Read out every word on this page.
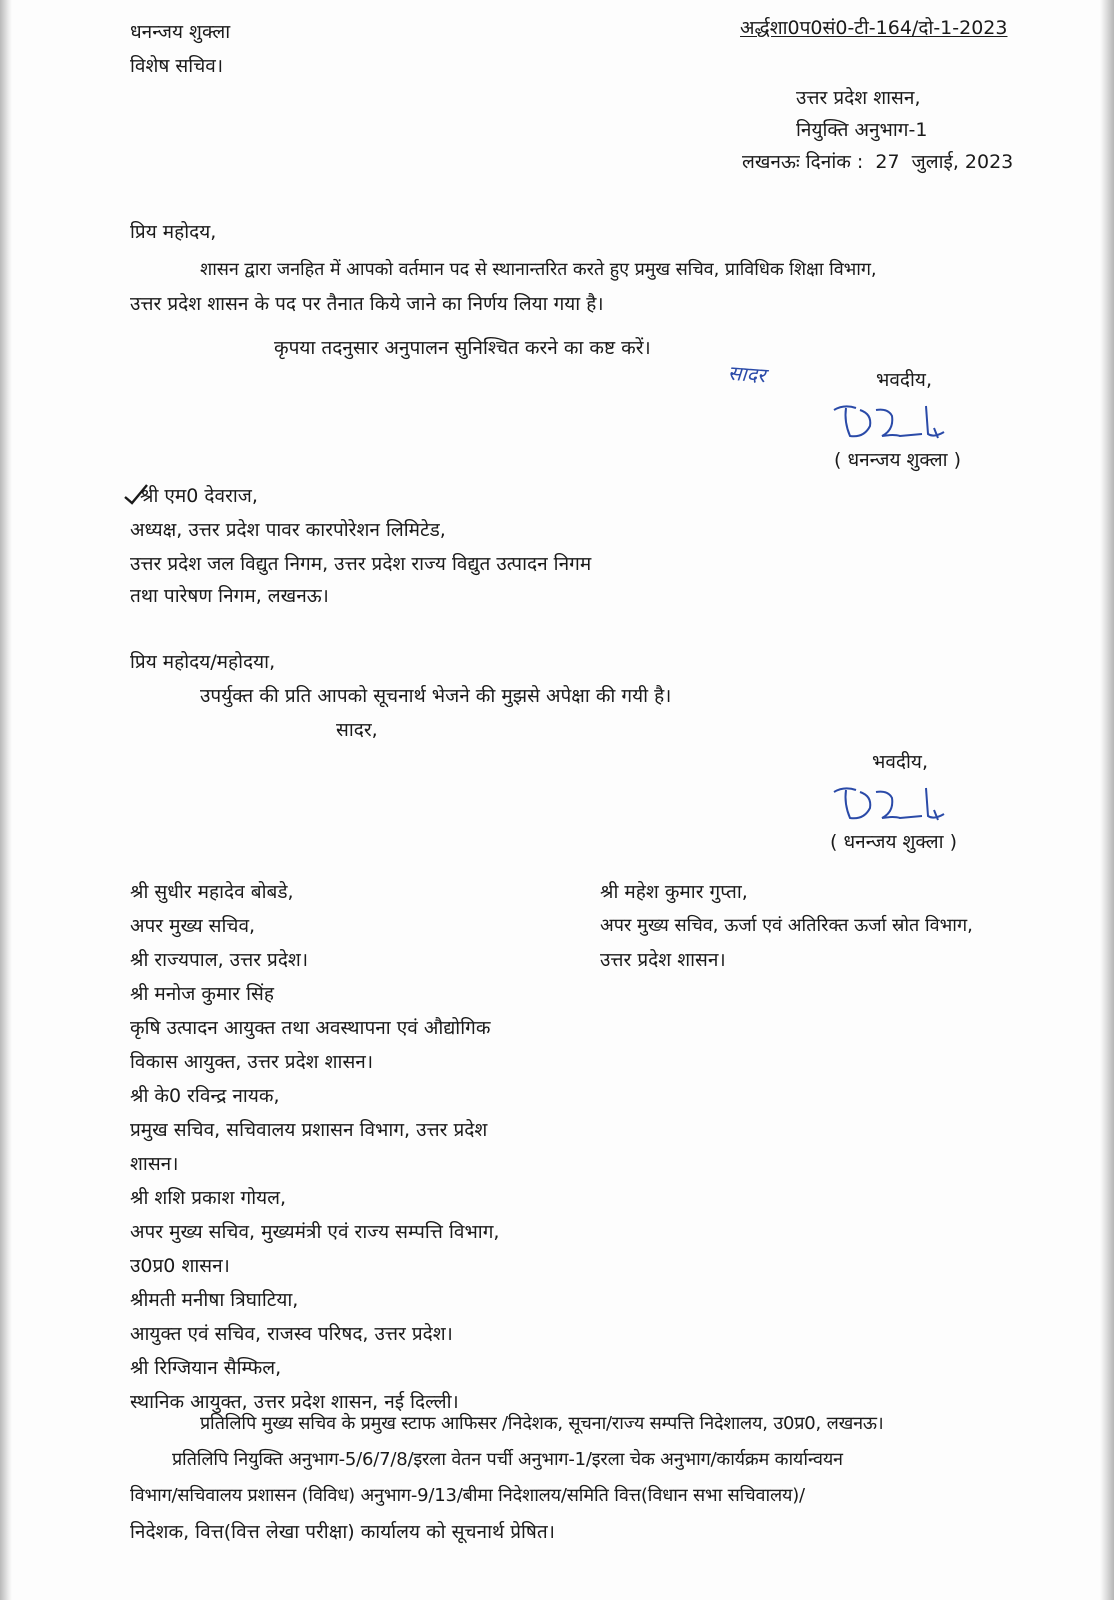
धनन्जय शुक्ला
विशेष सचिव।
अर्द्धशा0प0सं0-टी-164/दो-1-2023
उत्तर प्रदेश शासन,
नियुक्ति अनुभाग-1
लखनऊः दिनांक :  27  जुलाई, 2023
प्रिय महोदय,
शासन द्वारा जनहित में आपको वर्तमान पद से स्थानान्तरित करते हुए प्रमुख सचिव, प्राविधिक शिक्षा विभाग,
उत्तर प्रदेश शासन के पद पर तैनात किये जाने का निर्णय लिया गया है।
कृपया तदनुसार अनुपालन सुनिश्चित करने का कष्ट करें।
सादर	भवदीय,
( धनन्जय शुक्ला )
श्री एम0 देवराज,
अध्यक्ष, उत्तर प्रदेश पावर कारपोरेशन लिमिटेड,
उत्तर प्रदेश जल विद्युत निगम, उत्तर प्रदेश राज्य विद्युत उत्पादन निगम
तथा पारेषण निगम, लखनऊ।
प्रिय महोदय/महोदया,
उपर्युक्त की प्रति आपको सूचनार्थ भेजने की मुझसे अपेक्षा की गयी है।
सादर,
भवदीय,
( धनन्जय शुक्ला )
श्री सुधीर महादेव बोबडे,
अपर मुख्य सचिव,
श्री राज्यपाल, उत्तर प्रदेश।
श्री मनोज कुमार सिंह
कृषि उत्पादन आयुक्त तथा अवस्थापना एवं औद्योगिक
विकास आयुक्त, उत्तर प्रदेश शासन।
श्री के0 रविन्द्र नायक,
प्रमुख सचिव, सचिवालय प्रशासन विभाग, उत्तर प्रदेश
शासन।
श्री शशि प्रकाश गोयल,
अपर मुख्य सचिव, मुख्यमंत्री एवं राज्य सम्पत्ति विभाग,
उ0प्र0 शासन।
श्रीमती मनीषा त्रिघाटिया,
आयुक्त एवं सचिव, राजस्व परिषद, उत्तर प्रदेश।
श्री रिग्जियान सैम्फिल,
स्थानिक आयुक्त, उत्तर प्रदेश शासन, नई दिल्ली।
श्री महेश कुमार गुप्ता,
अपर मुख्य सचिव, ऊर्जा एवं अतिरिक्त ऊर्जा स्रोत विभाग,
उत्तर प्रदेश शासन।
प्रतिलिपि मुख्य सचिव के प्रमुख स्टाफ आफिसर /निदेशक, सूचना/राज्य सम्पत्ति निदेशालय, उ0प्र0, लखनऊ।
प्रतिलिपि नियुक्ति अनुभाग-5/6/7/8/इरला वेतन पर्ची अनुभाग-1/इरला चेक अनुभाग/कार्यक्रम कार्यान्वयन
विभाग/सचिवालय प्रशासन (विविध) अनुभाग-9/13/बीमा निदेशालय/समिति वित्त(विधान सभा सचिवालय)/
निदेशक, वित्त(वित्त लेखा परीक्षा) कार्यालय को सूचनार्थ प्रेषित।
